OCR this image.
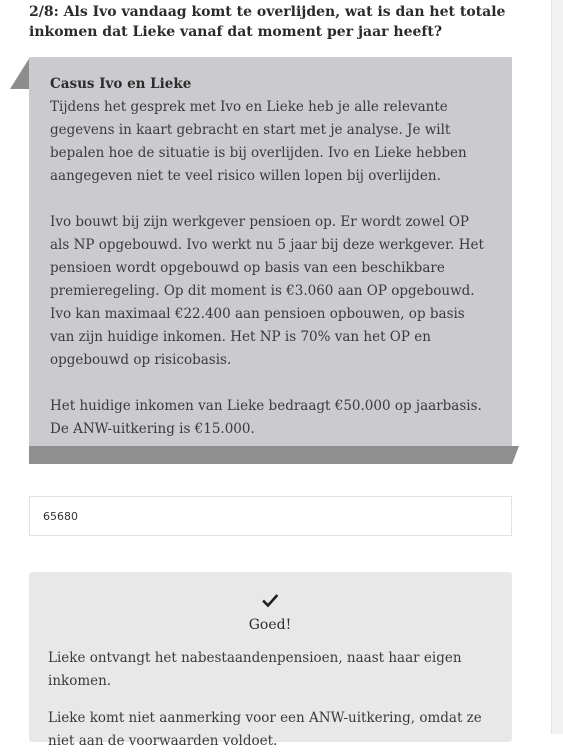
2/8: Als Ivo vandaag komt te overlijden, wat is dan het totale inkomen dat Lieke vanaf dat moment per jaar heeft?
Casus Ivo en Lieke

Tijdens het gesprek met Ivo en Lieke heb je alle relevante gegevens in kaart gebracht en start met je analyse. Je wilt bepalen hoe de situatie is bij overlijden. Ivo en Lieke hebben aangegeven niet te veel risico willen lopen bij overlijden.

Ivo bouwt bij zijn werkgever pensioen op. Er wordt zowel OP als NP opgebouwd. Ivo werkt nu 5 jaar bij deze werkgever. Het pensioen wordt opgebouwd op basis van een beschikbare premieregeling. Op dit moment is €3.060 aan OP opgebouwd. Ivo kan maximaal €22.400 aan pensioen opbouwen, op basis van zijn huidige inkomen. Het NP is 70% van het OP en opgebouwd op risicobasis.

Het huidige inkomen van Lieke bedraagt €50.000 op jaarbasis. De ANW-uitkering is €15.000.

65680
Goed!

Lieke ontvangt het nabestaandenpensioen, naast haar eigen inkomen.

Lieke komt niet aanmerking voor een ANW-uitkering, omdat ze niet aan de voorwaarden voldoet.
